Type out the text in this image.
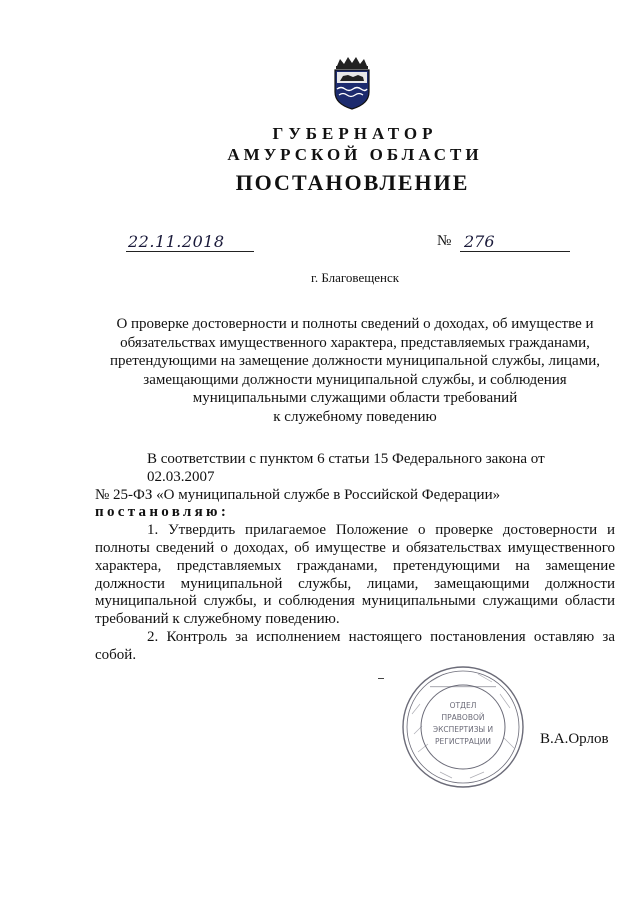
ГУБЕРНАТОР
АМУРСКОЙ ОБЛАСТИ
ПОСТАНОВЛЕНИЕ
22.11.2018	№ 276
г. Благовещенск
О проверке достоверности и полноты сведений о доходах, об имуществе и
обязательствах имущественного характера, представляемых гражданами,
претендующими на замещение должности муниципальной службы, лицами,
замещающими должности муниципальной службы, и соблюдения
муниципальными служащими области требований
к служебному поведению
В соответствии с пунктом 6 статьи 15 Федерального закона от 02.03.2007
№ 25-ФЗ «О муниципальной службе в Российской Федерации»
постановляю:

1. Утвердить прилагаемое Положение о проверке достоверности и полноты сведений о доходах, об имуществе и обязательствах имущественного характера, представляемых гражданами, претендующими на замещение должности муниципальной службы, лицами, замещающими должности муниципальной службы, и соблюдения муниципальными служащими области требований к служебному поведению.

2. Контроль за исполнением настоящего постановления оставляю за собой.

ОТДЕЛ
ПРАВОВОЙ
ЭКСПЕРТИЗЫ И
РЕГИСТРАЦИИ	В.А.Орлов
